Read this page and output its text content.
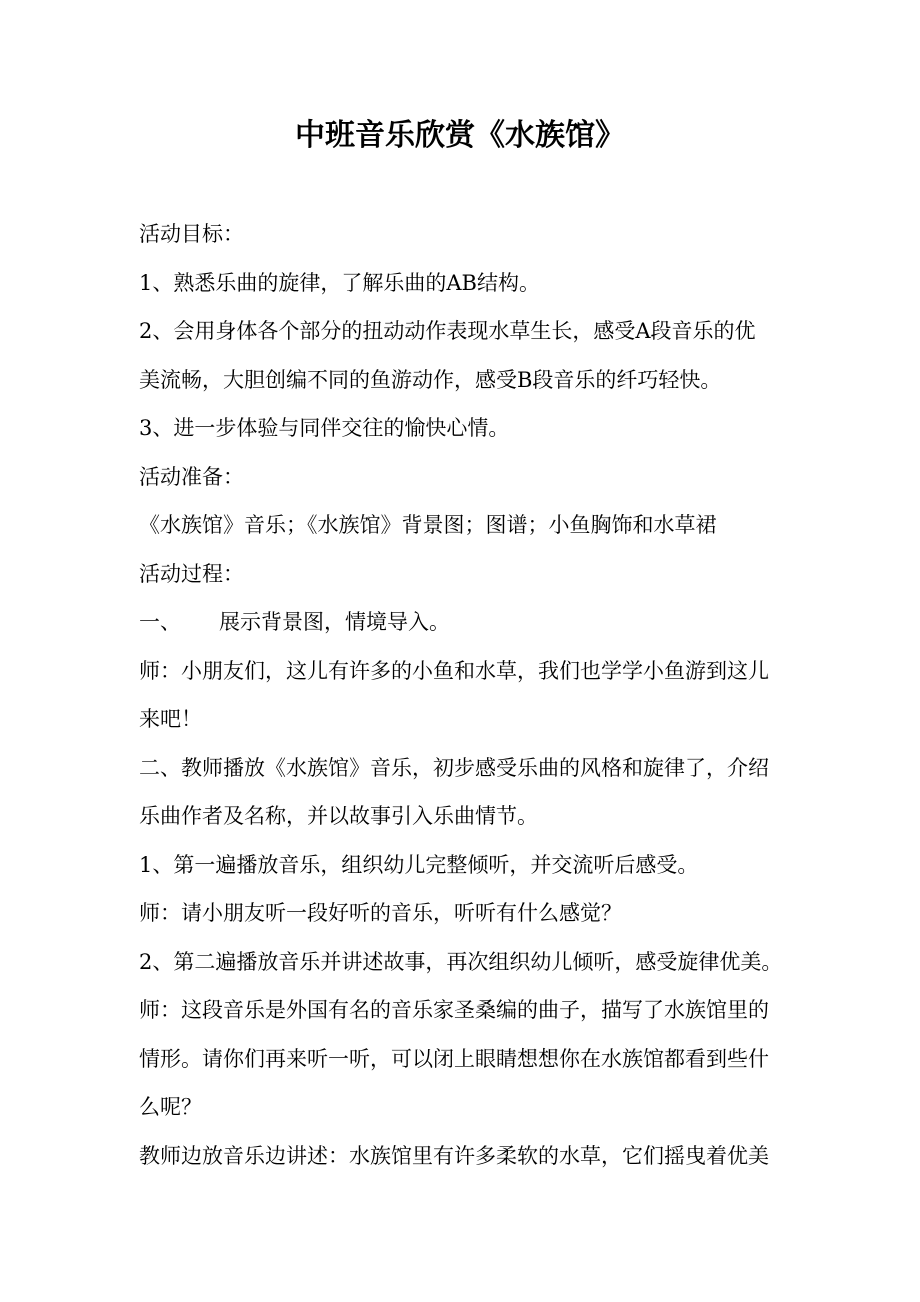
中班音乐欣赏《水族馆》
活动目标：
1、熟悉乐曲的旋律，了解乐曲的AB结构。
2、会用身体各个部分的扭动动作表现水草生长，感受A段音乐的优
美流畅，大胆创编不同的鱼游动作，感受B段音乐的纤巧轻快。
3、进一步体验与同伴交往的愉快心情。
活动准备：
《水族馆》音乐；《水族馆》背景图；图谱；小鱼胸饰和水草裙
活动过程：
一、 展示背景图，情境导入。
师：小朋友们，这儿有许多的小鱼和水草，我们也学学小鱼游到这儿
来吧！
二、教师播放《水族馆》音乐，初步感受乐曲的风格和旋律了，介绍
乐曲作者及名称，并以故事引入乐曲情节。
1、第一遍播放音乐，组织幼儿完整倾听，并交流听后感受。
师：请小朋友听一段好听的音乐，听听有什么感觉？
2、第二遍播放音乐并讲述故事，再次组织幼儿倾听，感受旋律优美。
师：这段音乐是外国有名的音乐家圣桑编的曲子，描写了水族馆里的
情形。请你们再来听一听，可以闭上眼睛想想你在水族馆都看到些什
么呢？
教师边放音乐边讲述：水族馆里有许多柔软的水草，它们摇曳着优美
